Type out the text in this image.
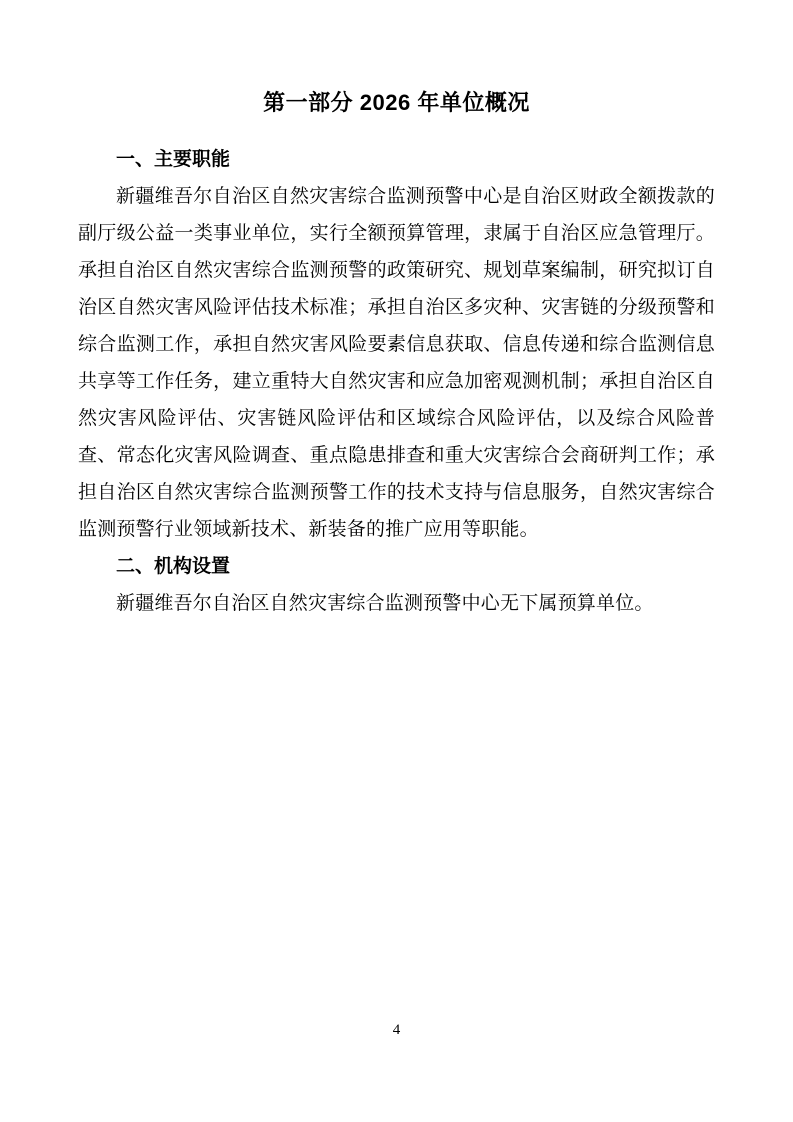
第一部分 2026 年单位概况
一、主要职能

新疆维吾尔自治区自然灾害综合监测预警中心是自治区财政全额拨款的副厅级公益一类事业单位，实行全额预算管理，隶属于自治区应急管理厅。承担自治区自然灾害综合监测预警的政策研究、规划草案编制，研究拟订自治区自然灾害风险评估技术标准；承担自治区多灾种、灾害链的分级预警和综合监测工作，承担自然灾害风险要素信息获取、信息传递和综合监测信息共享等工作任务，建立重特大自然灾害和应急加密观测机制；承担自治区自然灾害风险评估、灾害链风险评估和区域综合风险评估，以及综合风险普查、常态化灾害风险调查、重点隐患排查和重大灾害综合会商研判工作；承担自治区自然灾害综合监测预警工作的技术支持与信息服务，自然灾害综合监测预警行业领域新技术、新装备的推广应用等职能。

二、机构设置

新疆维吾尔自治区自然灾害综合监测预警中心无下属预算单位。

4
